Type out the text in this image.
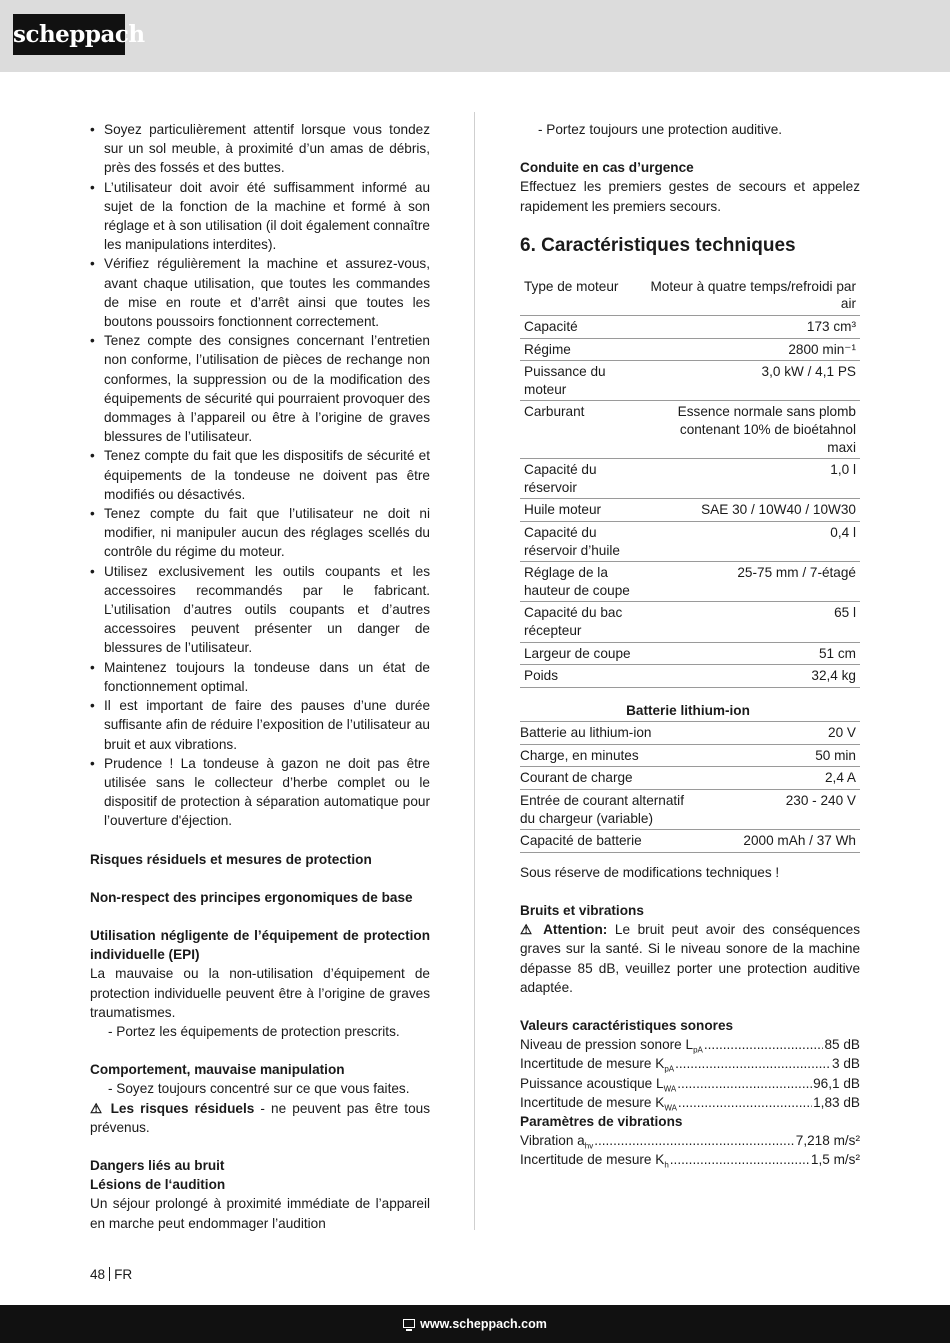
scheppach
• Soyez particulièrement attentif lorsque vous tondez sur un sol meuble, à proximité d’un amas de débris, près des fossés et des buttes.
• L’utilisateur doit avoir été suffisamment informé au sujet de la fonction de la machine et formé à son réglage et à son utilisation (il doit également connaître les manipulations interdites).
• Vérifiez régulièrement la machine et assurez-vous, avant chaque utilisation, que toutes les commandes de mise en route et d’arrêt ainsi que toutes les boutons poussoirs fonctionnent correctement.
• Tenez compte des consignes concernant l’entretien non conforme, l’utilisation de pièces de rechange non conformes, la suppression ou de la modification des équipements de sécurité qui pourraient provoquer des dommages à l’appareil ou être à l’origine de graves blessures de l’utilisateur.
• Tenez compte du fait que les dispositifs de sécurité et équipements de la tondeuse ne doivent pas être modifiés ou désactivés.
• Tenez compte du fait que l’utilisateur ne doit ni modifier, ni manipuler aucun des réglages scellés du contrôle du régime du moteur.
• Utilisez exclusivement les outils coupants et les accessoires recommandés par le fabricant. L’utilisation d’autres outils coupants et d’autres accessoires peuvent présenter un danger de blessures de l’utilisateur.
• Maintenez toujours la tondeuse dans un état de fonctionnement optimal.
• Il est important de faire des pauses d’une durée suffisante afin de réduire l’exposition de l’utilisateur au bruit et aux vibrations.
• Prudence ! La tondeuse à gazon ne doit pas être utilisée sans le collecteur d’herbe complet ou le dispositif de protection à séparation automatique pour l’ouverture d'éjection.

Risques résiduels et mesures de protection

Non-respect des principes ergonomiques de base

Utilisation négligente de l’équipement de protection individuelle (EPI)

La mauvaise ou la non-utilisation d’équipement de protection individuelle peuvent être à l’origine de graves traumatismes.

- Portez les équipements de protection prescrits.

Comportement, mauvaise manipulation

- Soyez toujours concentré sur ce que vous faites.

⚠ Les risques résiduels - ne peuvent pas être tous prévenus.

Dangers liés au bruit

Lésions de l‘audition

Un séjour prolongé à proximité immédiate de l’appareil en marche peut endommager l’audition

- Portez toujours une protection auditive.

Conduite en cas d’urgence

Effectuez les premiers gestes de secours et appelez rapidement les premiers secours.

6. Caractéristiques techniques

Type de moteur	Moteur à quatre temps/refroidi par air
Capacité	173 cm³
Régime	2800 min⁻¹
Puissance du moteur	3,0 kW / 4,1 PS
Carburant	Essence normale sans plomb contenant 10% de bioétahnol maxi
Capacité du réservoir	1,0 l
Huile moteur	SAE 30 / 10W40 / 10W30
Capacité du réservoir d’huile	0,4 l
Réglage de la hauteur de coupe	25-75 mm / 7-étagé
Capacité du bac récepteur	65 l
Largeur de coupe	51 cm
Poids	32,4 kg
Batterie lithium-ion	
Batterie au lithium-ion	20 V
Charge, en minutes	50 min
Courant de charge	2,4 A
Entrée de courant alternatif du chargeur (variable)	230 - 240 V
Capacité de batterie	2000 mAh / 37 Wh

Sous réserve de modifications techniques !

Bruits et vibrations

⚠ Attention: Le bruit peut avoir des conséquences graves sur la santé. Si le niveau sonore de la machine dépasse 85 dB, veuillez porter une protection auditive adaptée.

Valeurs caractéristiques sonores

Niveau de pression sonore $L_{pA}$ .....	85 dB
Incertitude de mesure $K_{pA}$ .....	3 dB
Puissance acoustique $L_{WA}$ .....	96,1 dB
Incertitude de mesure $K_{WA}$ .....	1,83 dB

Paramètres de vibrations

Vibration $a_{hv}$ .....	7,218 m/s²
Incertitude de mesure $K_h$ .....	1,5 m/s²
48 FR
www.scheppach.com
